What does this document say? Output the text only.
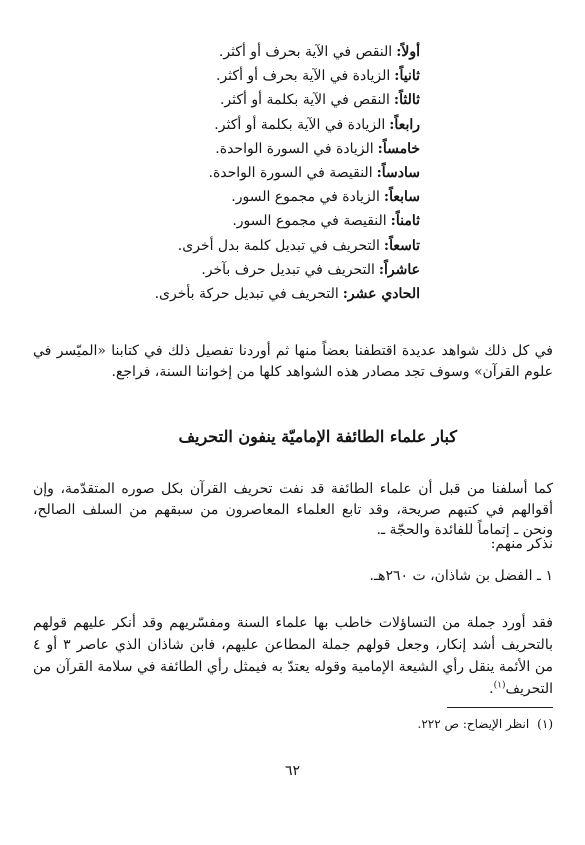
أولاً:النقص في الآية بحرف أو أكثر.
ثانياً:الزيادة في الآية بحرف أو أكثر.
ثالثاً:النقص في الآية بكلمة أو أكثر.
رابعاً:الزيادة في الآية بكلمة أو أكثر.
خامساً:الزيادة في السورة الواحدة.
سادساً:النقيصة في السورة الواحدة.
سابعاً:الزيادة في مجموع السور.
ثامناً:النقيصة في مجموع السور.
تاسعاً:التحريف في تبديل كلمة بدل أخرى.
عاشراً:التحريف في تبديل حرف بآخر.
الحادي عشر:التحريف في تبديل حركة بأخرى.

في كل ذلك شواهد عديدة اقتطفنا بعضاً منها ثم أوردنا تفصيل ذلك في كتابنا «الميّسر في علوم القرآن» وسوف تجد مصادر هذه الشواهد كلها من إخواننا السنة، فراجع.

كبار علماء الطائفة الإماميّة ينفون التحريف

كما أسلفنا من قبل أن علماء الطائفة قد نفت تحريف القرآن بكل صوره المتقدّمة، وإن أقوالهم في كتبهم صريحة، وقد تابع العلماء المعاصرون من سبقهم من السلف الصالح، ونحن ـ إتماماً للفائدة والحجّة ـ.

نذكر منهم:
١ ـ الفضل بن شاذان، ت ٢٦٠هـ.

فقد أورد جملة من التساؤلات خاطب بها علماء السنة ومفسّريهم وقد أنكر عليهم قولهم بالتحريف أشد إنكار، وجعل قولهم جملة المطاعن عليهم، فابن شاذان الذي عاصر ٣ أو ٤ من الأئمة ينقل رأي الشيعة الإمامية وقوله يعتدّ به فيمثل رأي الطائفة في سلامة القرآن من التحريف$^{(١)}$.

(١)انظر الإيضاح: ص ٢٢٢.
٦٢
